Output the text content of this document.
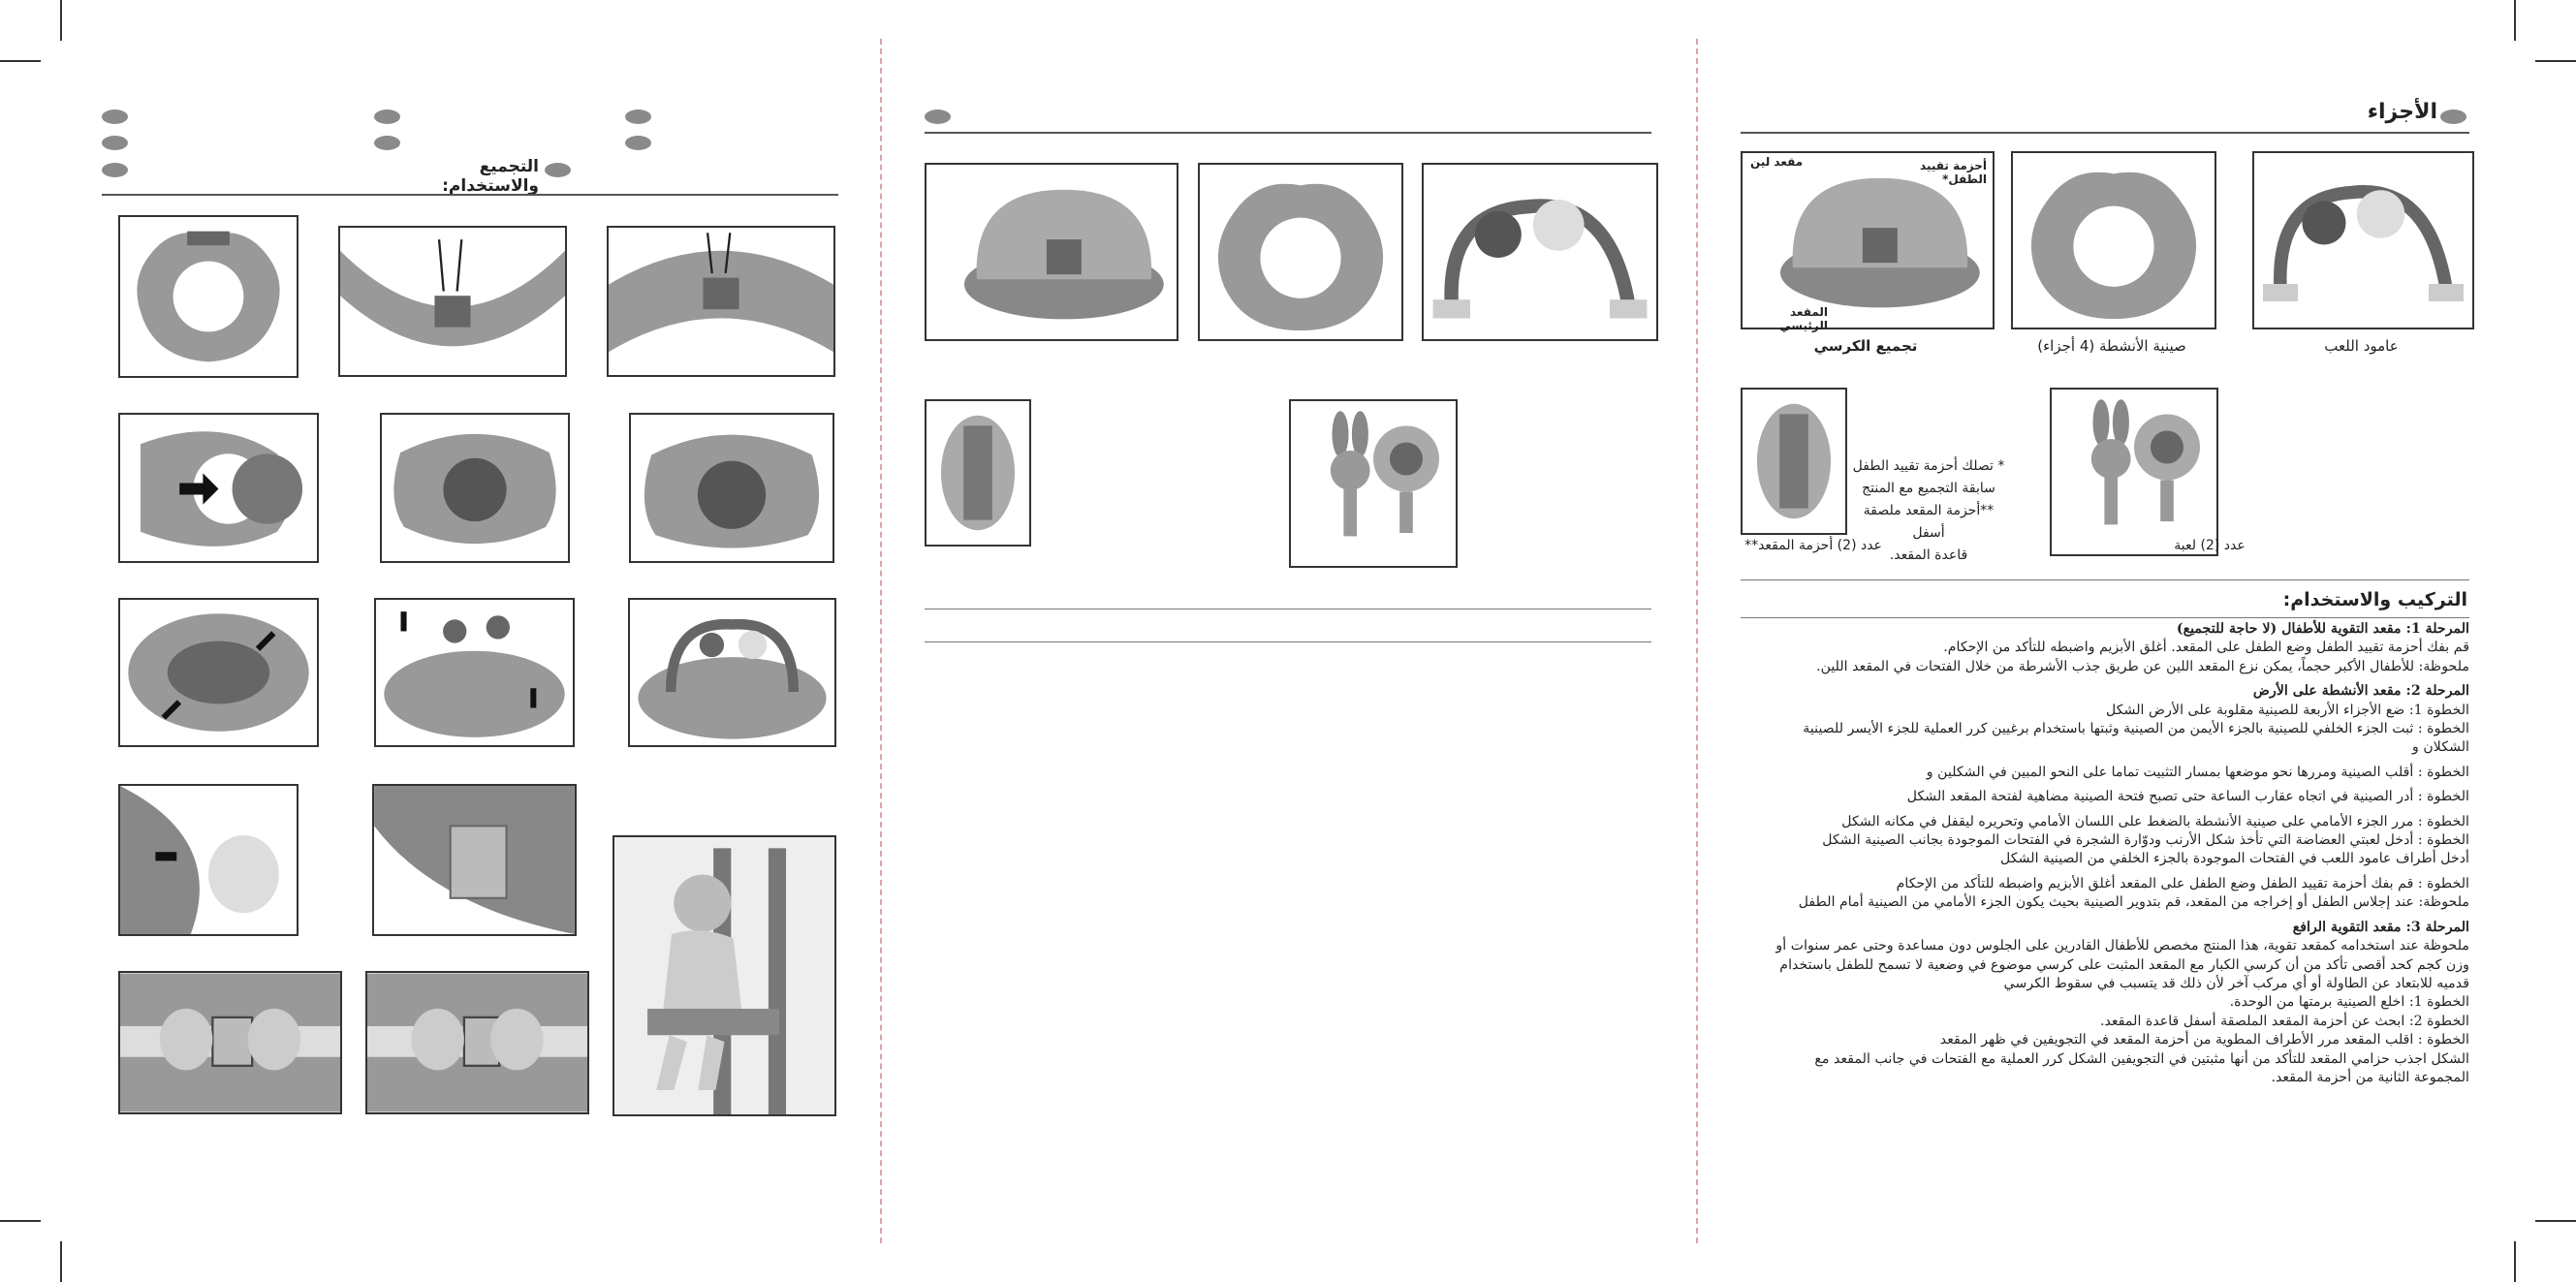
التجميع والاستخدام:
الأجزاء
أحزمة تقييد الطفل*
مقعد لين
المقعد الرئيسي
عامود اللعب
صينية الأنشطة (4 أجزاء)
تجميع الكرسي
* تصلك أحزمة تقييد الطفل
سابقة التجميع مع المنتج
**أحزمة المقعد ملصقة أسفل
قاعدة المقعد.
عدد (2) لعبة
عدد (2) أحزمة المقعد**
التركيب والاستخدام:
المرحلة 1: مقعد التقوية للأطفال (لا حاجة للتجميع)
قم بفك أحزمة تقييد الطفل وضع الطفل على المقعد. أغلق الأبزيم واضبطه للتأكد من الإحكام.
ملحوظة: للأطفال الأكبر حجماً، يمكن نزع المقعد اللين عن طريق جذب الأشرطة من خلال الفتحات في المقعد اللين.
المرحلة 2: مقعد الأنشطة على الأرض
الخطوة 1: ضع الأجزاء الأربعة للصينية مقلوبة على الأرض الشكل
الخطوة : ثبت الجزء الخلفي للصينية بالجزء الأيمن من الصينية وثبتها باستخدام برغيين كرر العملية للجزء الأيسر للصينية
الشكلان و
الخطوة : أقلب الصينية ومررها نحو موضعها بمسار التثبيت تماما على النحو المبين في الشكلين و
الخطوة : أدر الصينية في اتجاه عقارب الساعة حتى تصبح فتحة الصينية مضاهية لفتحة المقعد الشكل
الخطوة : مرر الجزء الأمامي على صينية الأنشطة بالضغط على اللسان الأمامي وتحريره ليقفل في مكانه الشكل
الخطوة : أدخل لعبتي العضاضة التي تأخذ شكل الأرنب ودوّارة الشجرة في الفتحات الموجودة بجانب الصينية الشكل
أدخل أطراف عامود اللعب في الفتحات الموجودة بالجزء الخلفي من الصينية الشكل
الخطوة : قم بفك أحزمة تقييد الطفل وضع الطفل على المقعد أغلق الأبزيم واضبطه للتأكد من الإحكام
ملحوظة: عند إجلاس الطفل أو إخراجه من المقعد، قم بتدوير الصينية بحيث يكون الجزء الأمامي من الصينية أمام الطفل
المرحلة 3: مقعد التقوية الرافع
ملحوظة عند استخدامه كمقعد تقوية، هذا المنتج مخصص للأطفال القادرين على الجلوس دون مساعدة وحتى عمر سنوات أو
وزن كجم كحد أقصى تأكد من أن كرسي الكبار مع المقعد المثبت على كرسي موضوع في وضعية لا تسمح للطفل باستخدام
قدميه للابتعاد عن الطاولة أو أي مركب آخر لأن ذلك قد يتسبب في سقوط الكرسي
الخطوة 1: اخلع الصينية برمتها من الوحدة.
الخطوة 2: ابحث عن أحزمة المقعد الملصقة أسفل قاعدة المقعد.
الخطوة : اقلب المقعد مرر الأطراف المطوية من أحزمة المقعد في التجويفين في ظهر المقعد
الشكل اجذب حزامي المقعد للتأكد من أنها مثبتين في التجويفين الشكل كرر العملية مع الفتحات في جانب المقعد مع
المجموعة الثانية من أحزمة المقعد.
